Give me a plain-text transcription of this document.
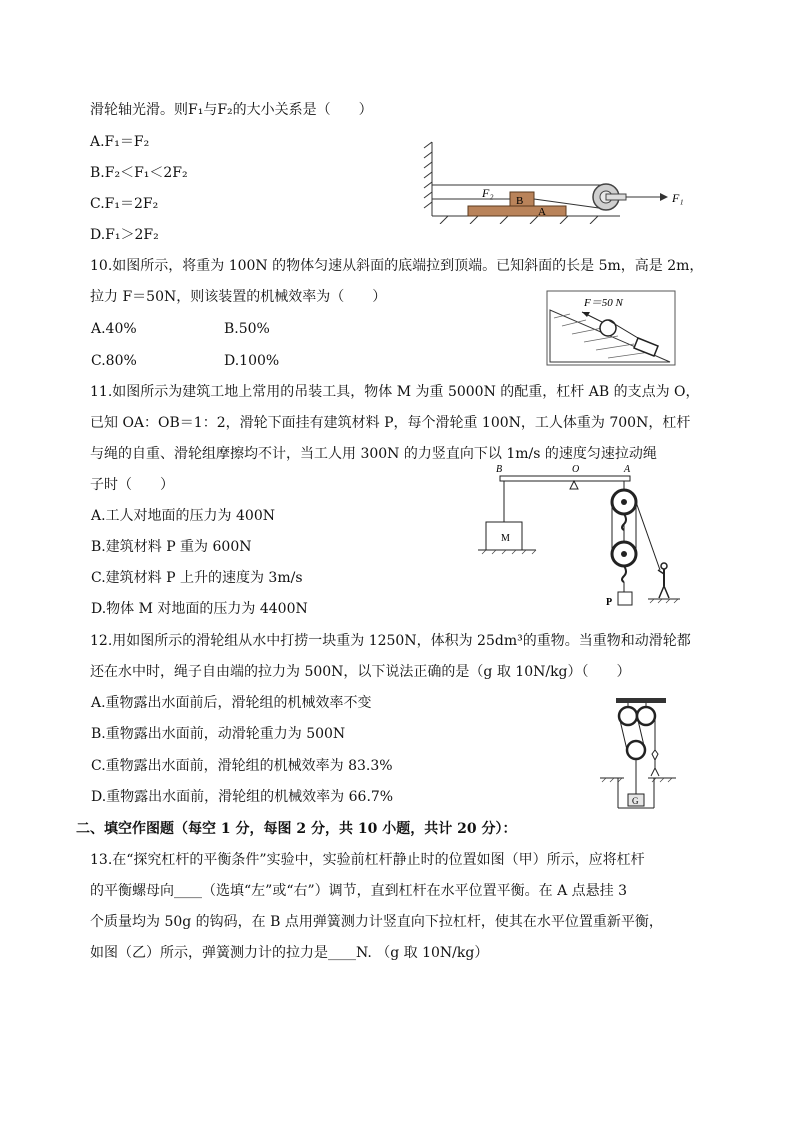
滑轮轴光滑。则F₁与F₂的大小关系是（　　）
A.F₁＝F₂
B.F₂＜F₁＜2F₂
C.F₁＝2F₂
D.F₁＞2F₂
F₂
B
A
F₁
10.如图所示，将重为 100N 的物体匀速从斜面的底端拉到顶端。已知斜面的长是 5m，高是 2m，
拉力 F＝50N，则该装置的机械效率为（　　）
A.40%	B.50%
C.80%	D.100%
F＝50 N
11.如图所示为建筑工地上常用的吊装工具，物体 M 为重 5000N 的配重，杠杆 AB 的支点为 O，
已知 OA：OB＝1：2，滑轮下面挂有建筑材料 P，每个滑轮重 100N，工人体重为 700N，杠杆
与绳的自重、滑轮组摩擦均不计，当工人用 300N 的力竖直向下以 1m/s 的速度匀速拉动绳
子时（　　）
A.工人对地面的压力为 400N
B.建筑材料 P 重为 600N
C.建筑材料 P 上升的速度为 3m/s
D.物体 M 对地面的压力为 4400N
B	O	A
M
P
12.用如图所示的滑轮组从水中打捞一块重为 1250N，体积为 25dm³的重物。当重物和动滑轮都
还在水中时，绳子自由端的拉力为 500N，以下说法正确的是（g 取 10N/kg）（　　）
A.重物露出水面前后，滑轮组的机械效率不变
B.重物露出水面前，动滑轮重力为 500N
C.重物露出水面前，滑轮组的机械效率为 83.3%
D.重物露出水面前，滑轮组的机械效率为 66.7%	G
二、填空作图题（每空 1 分，每图 2 分，共 10 小题，共计 20 分）：
13.在“探究杠杆的平衡条件”实验中，实验前杠杆静止时的位置如图（甲）所示，应将杠杆
的平衡螺母向____（选填“左”或“右”）调节，直到杠杆在水平位置平衡。在 A 点悬挂 3
个质量均为 50g 的钩码，在 B 点用弹簧测力计竖直向下拉杠杆，使其在水平位置重新平衡，
如图（乙）所示，弹簧测力计的拉力是____N. （g 取 10N/kg）
